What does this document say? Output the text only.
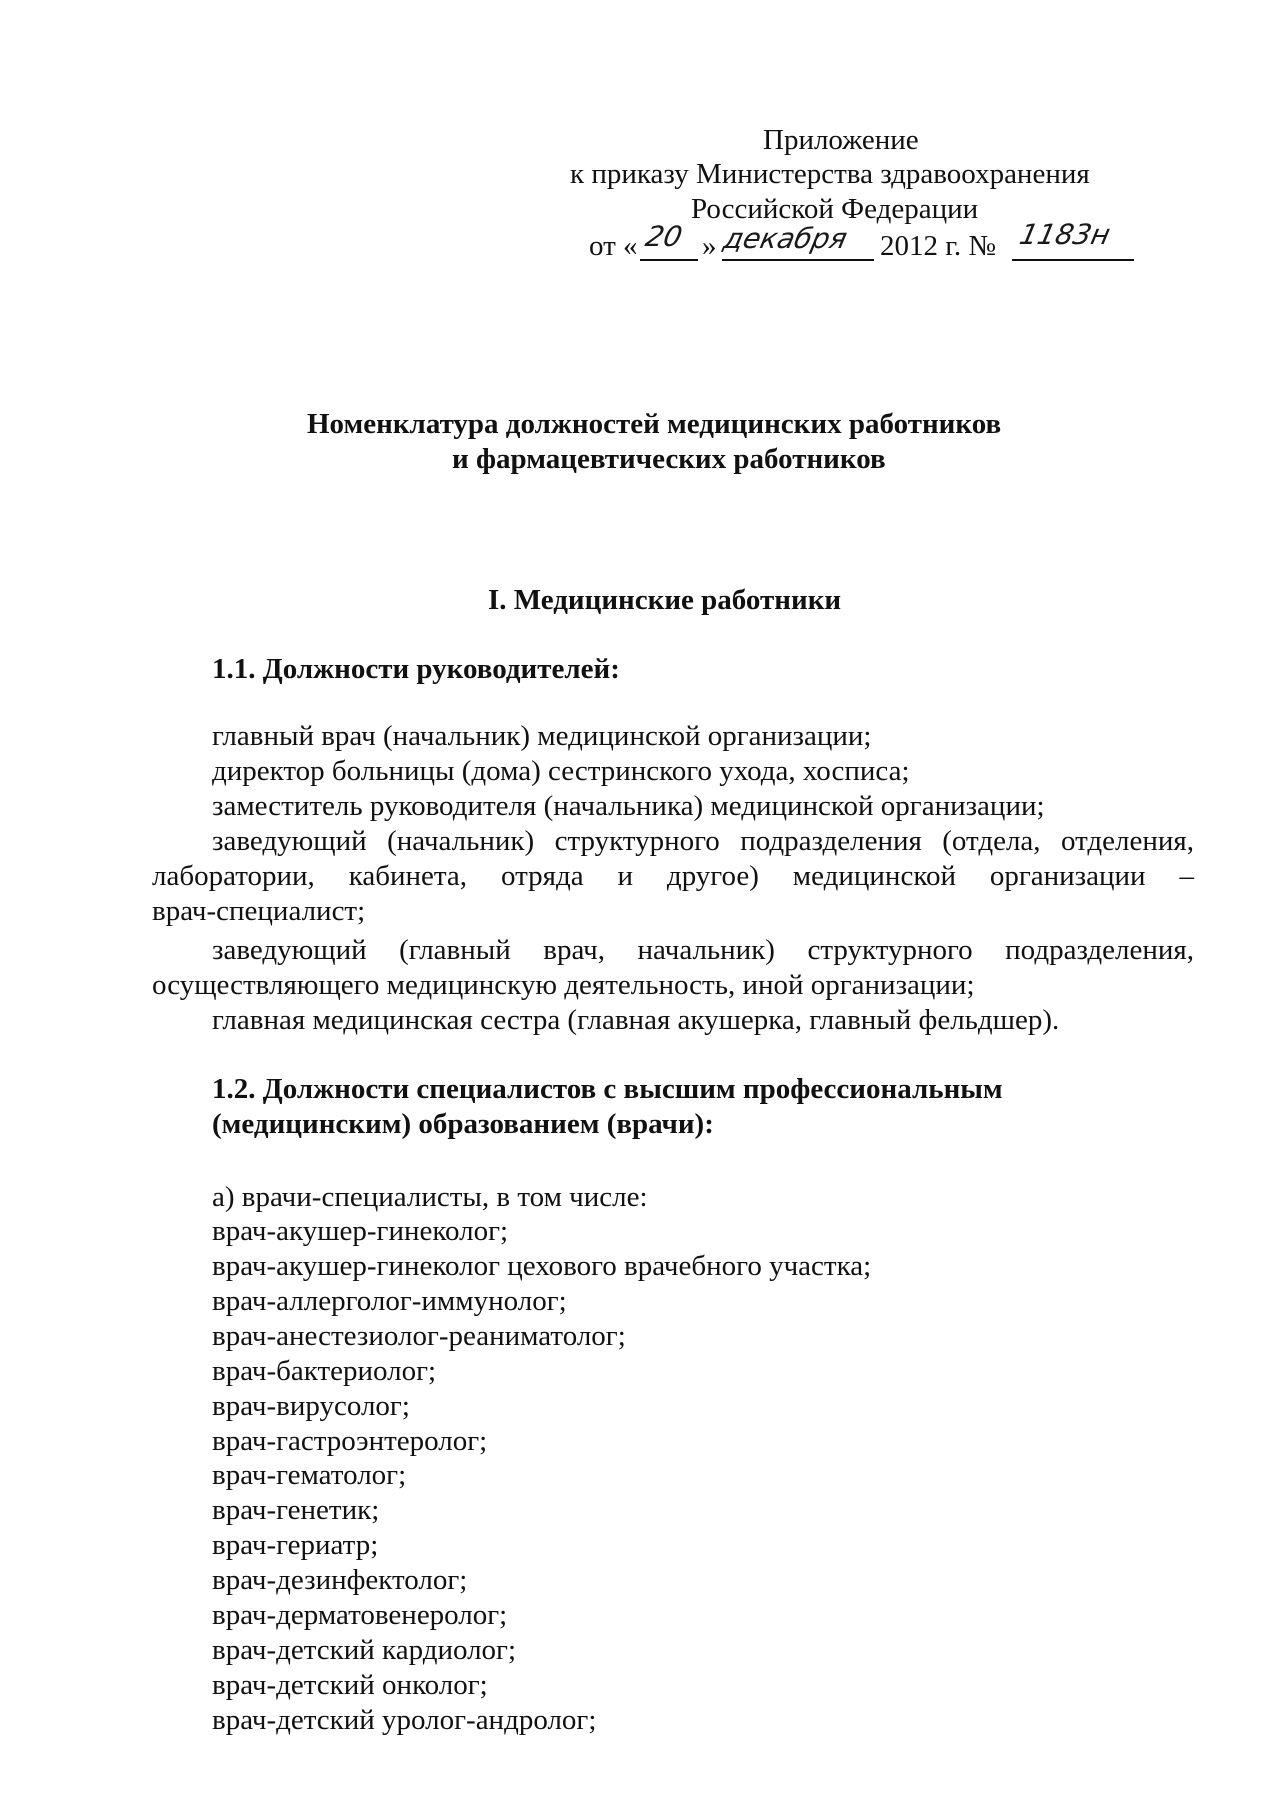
Приложение
к приказу Министерства здравоохранения
Российской Федерации
от « 20 » декабря 2012 г. № 1183н
Номенклатура должностей медицинских работников
и фармацевтических работников
I. Медицинские работники
1.1. Должности руководителей:
главный врач (начальник) медицинской организации;
директор больницы (дома) сестринского ухода, хосписа;
заместитель руководителя (начальника) медицинской организации;
заведующий (начальник) структурного подразделения (отдела, отделения,
лаборатории, кабинета, отряда и другое) медицинской организации –
врач-специалист;
заведующий (главный врач, начальник) структурного подразделения,
осуществляющего медицинскую деятельность, иной организации;
главная медицинская сестра (главная акушерка, главный фельдшер).
1.2. Должности специалистов с высшим профессиональным
(медицинским) образованием (врачи):
а) врачи-специалисты, в том числе:
врач-акушер-гинеколог;
врач-акушер-гинеколог цехового врачебного участка;
врач-аллерголог-иммунолог;
врач-анестезиолог-реаниматолог;
врач-бактериолог;
врач-вирусолог;
врач-гастроэнтеролог;
врач-гематолог;
врач-генетик;
врач-гериатр;
врач-дезинфектолог;
врач-дерматовенеролог;
врач-детский кардиолог;
врач-детский онколог;
врач-детский уролог-андролог;
